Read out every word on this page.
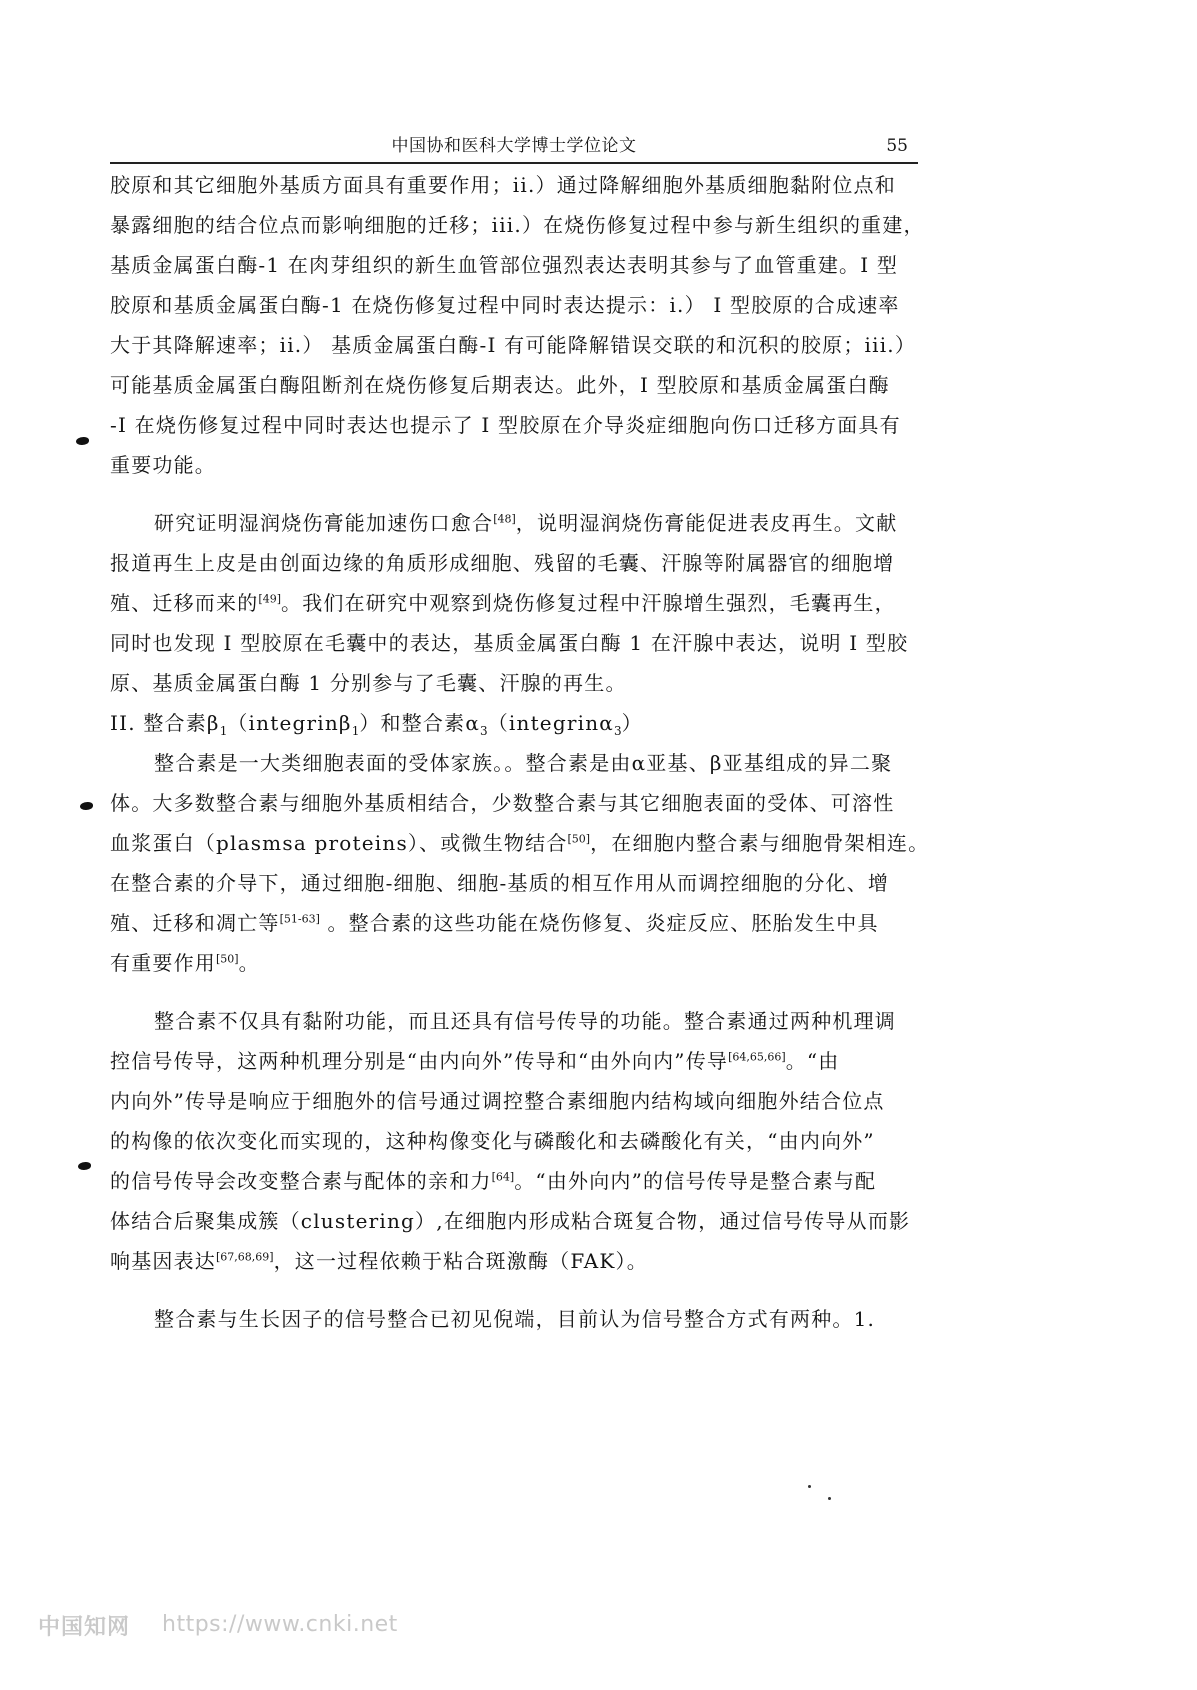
中国协和医科大学博士学位论文	55
胶原和其它细胞外基质方面具有重要作用；ii.）通过降解细胞外基质细胞黏附位点和
暴露细胞的结合位点而影响细胞的迁移；iii.）在烧伤修复过程中参与新生组织的重建，
基质金属蛋白酶-1 在肉芽组织的新生血管部位强烈表达表明其参与了血管重建。I 型
胶原和基质金属蛋白酶-1 在烧伤修复过程中同时表达提示：i.） I 型胶原的合成速率
大于其降解速率；ii.） 基质金属蛋白酶-I 有可能降解错误交联的和沉积的胶原；iii.）
可能基质金属蛋白酶阻断剂在烧伤修复后期表达。此外，I 型胶原和基质金属蛋白酶
-I 在烧伤修复过程中同时表达也提示了 I 型胶原在介导炎症细胞向伤口迁移方面具有
重要功能。
研究证明湿润烧伤膏能加速伤口愈合[48]，说明湿润烧伤膏能促进表皮再生。文献
报道再生上皮是由创面边缘的角质形成细胞、残留的毛囊、汗腺等附属器官的细胞增
殖、迁移而来的[49]。我们在研究中观察到烧伤修复过程中汗腺增生强烈，毛囊再生，
同时也发现 I 型胶原在毛囊中的表达，基质金属蛋白酶 1 在汗腺中表达，说明 I 型胶
原、基质金属蛋白酶 1 分别参与了毛囊、汗腺的再生。
II. 整合素$\beta_1(integrin\beta_1)$和整合素$\alpha_3(integrin\alpha_3)$
整合素是一大类细胞表面的受体家族。。整合素是由α亚基、β亚基组成的异二聚
体。大多数整合素与细胞外基质相结合，少数整合素与其它细胞表面的受体、可溶性
血浆蛋白（plasmsa proteins）、或微生物结合[50]，在细胞内整合素与细胞骨架相连。
在整合素的介导下，通过细胞-细胞、细胞-基质的相互作用从而调控细胞的分化、增
殖、迁移和凋亡等[51-63] 。整合素的这些功能在烧伤修复、炎症反应、胚胎发生中具
有重要作用[50]。
整合素不仅具有黏附功能，而且还具有信号传导的功能。整合素通过两种机理调
控信号传导，这两种机理分别是“由内向外”传导和“由外向内”传导[64,65,66]。“由
内向外”传导是响应于细胞外的信号通过调控整合素细胞内结构域向细胞外结合位点
的构像的依次变化而实现的，这种构像变化与磷酸化和去磷酸化有关，“由内向外”
的信号传导会改变整合素与配体的亲和力[64]。“由外向内”的信号传导是整合素与配
体结合后聚集成簇（clustering）,在细胞内形成粘合斑复合物，通过信号传导从而影
响基因表达[67,68,69]，这一过程依赖于粘合斑激酶（FAK）。
整合素与生长因子的信号整合已初见倪端，目前认为信号整合方式有两种。1.
中国知网 https://www.cnki.net
